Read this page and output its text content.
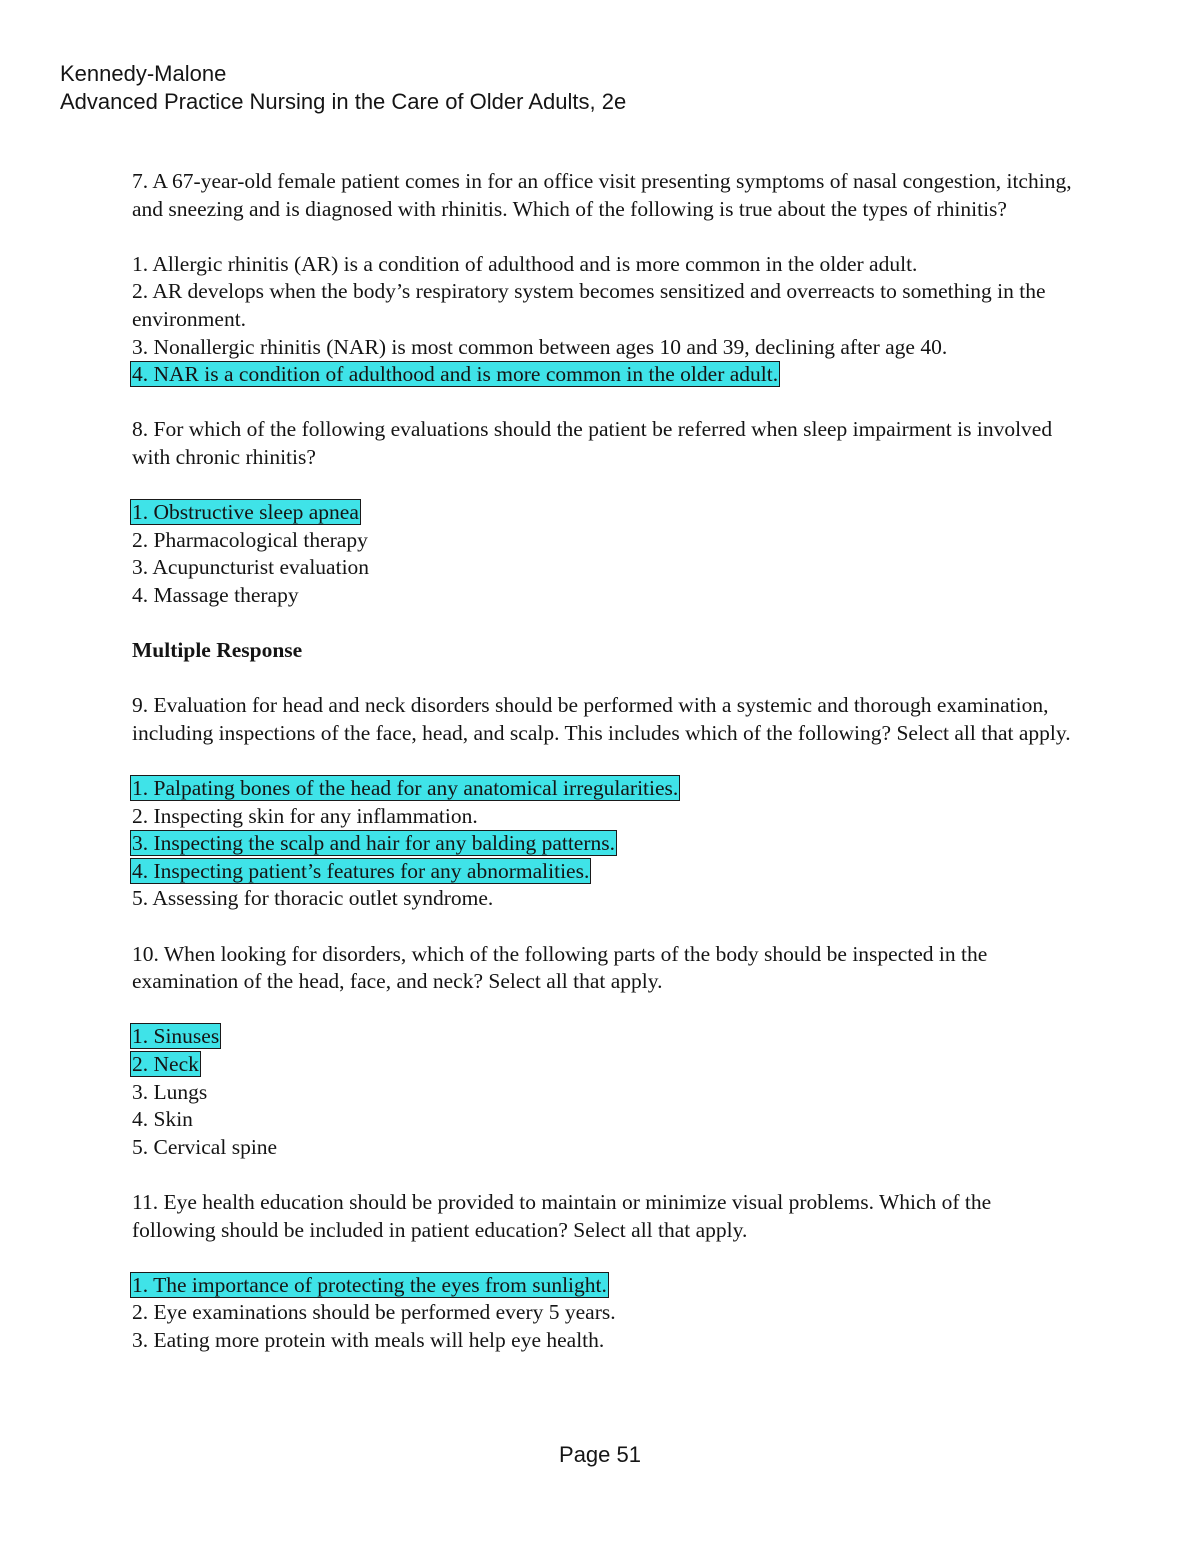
Kennedy-Malone
Advanced Practice Nursing in the Care of Older Adults, 2e

7. A 67-year-old female patient comes in for an office visit presenting symptoms of nasal congestion, itching, and sneezing and is diagnosed with rhinitis. Which of the following is true about the types of rhinitis?

1. Allergic rhinitis (AR) is a condition of adulthood and is more common in the older adult.
2. AR develops when the body’s respiratory system becomes sensitized and overreacts to something in the environment.
3. Nonallergic rhinitis (NAR) is most common between ages 10 and 39, declining after age 40.
4. NAR is a condition of adulthood and is more common in the older adult.

8. For which of the following evaluations should the patient be referred when sleep impairment is involved with chronic rhinitis?

1. Obstructive sleep apnea
2. Pharmacological therapy
3. Acupuncturist evaluation
4. Massage therapy

Multiple Response

9. Evaluation for head and neck disorders should be performed with a systemic and thorough examination, including inspections of the face, head, and scalp. This includes which of the following? Select all that apply.

1. Palpating bones of the head for any anatomical irregularities.
2. Inspecting skin for any inflammation.
3. Inspecting the scalp and hair for any balding patterns.
4. Inspecting patient’s features for any abnormalities.
5. Assessing for thoracic outlet syndrome.

10. When looking for disorders, which of the following parts of the body should be inspected in the examination of the head, face, and neck? Select all that apply.

1. Sinuses
2. Neck
3. Lungs
4. Skin
5. Cervical spine

11. Eye health education should be provided to maintain or minimize visual problems. Which of the following should be included in patient education? Select all that apply.

1. The importance of protecting the eyes from sunlight.
2. Eye examinations should be performed every 5 years.
3. Eating more protein with meals will help eye health.
Page 51
